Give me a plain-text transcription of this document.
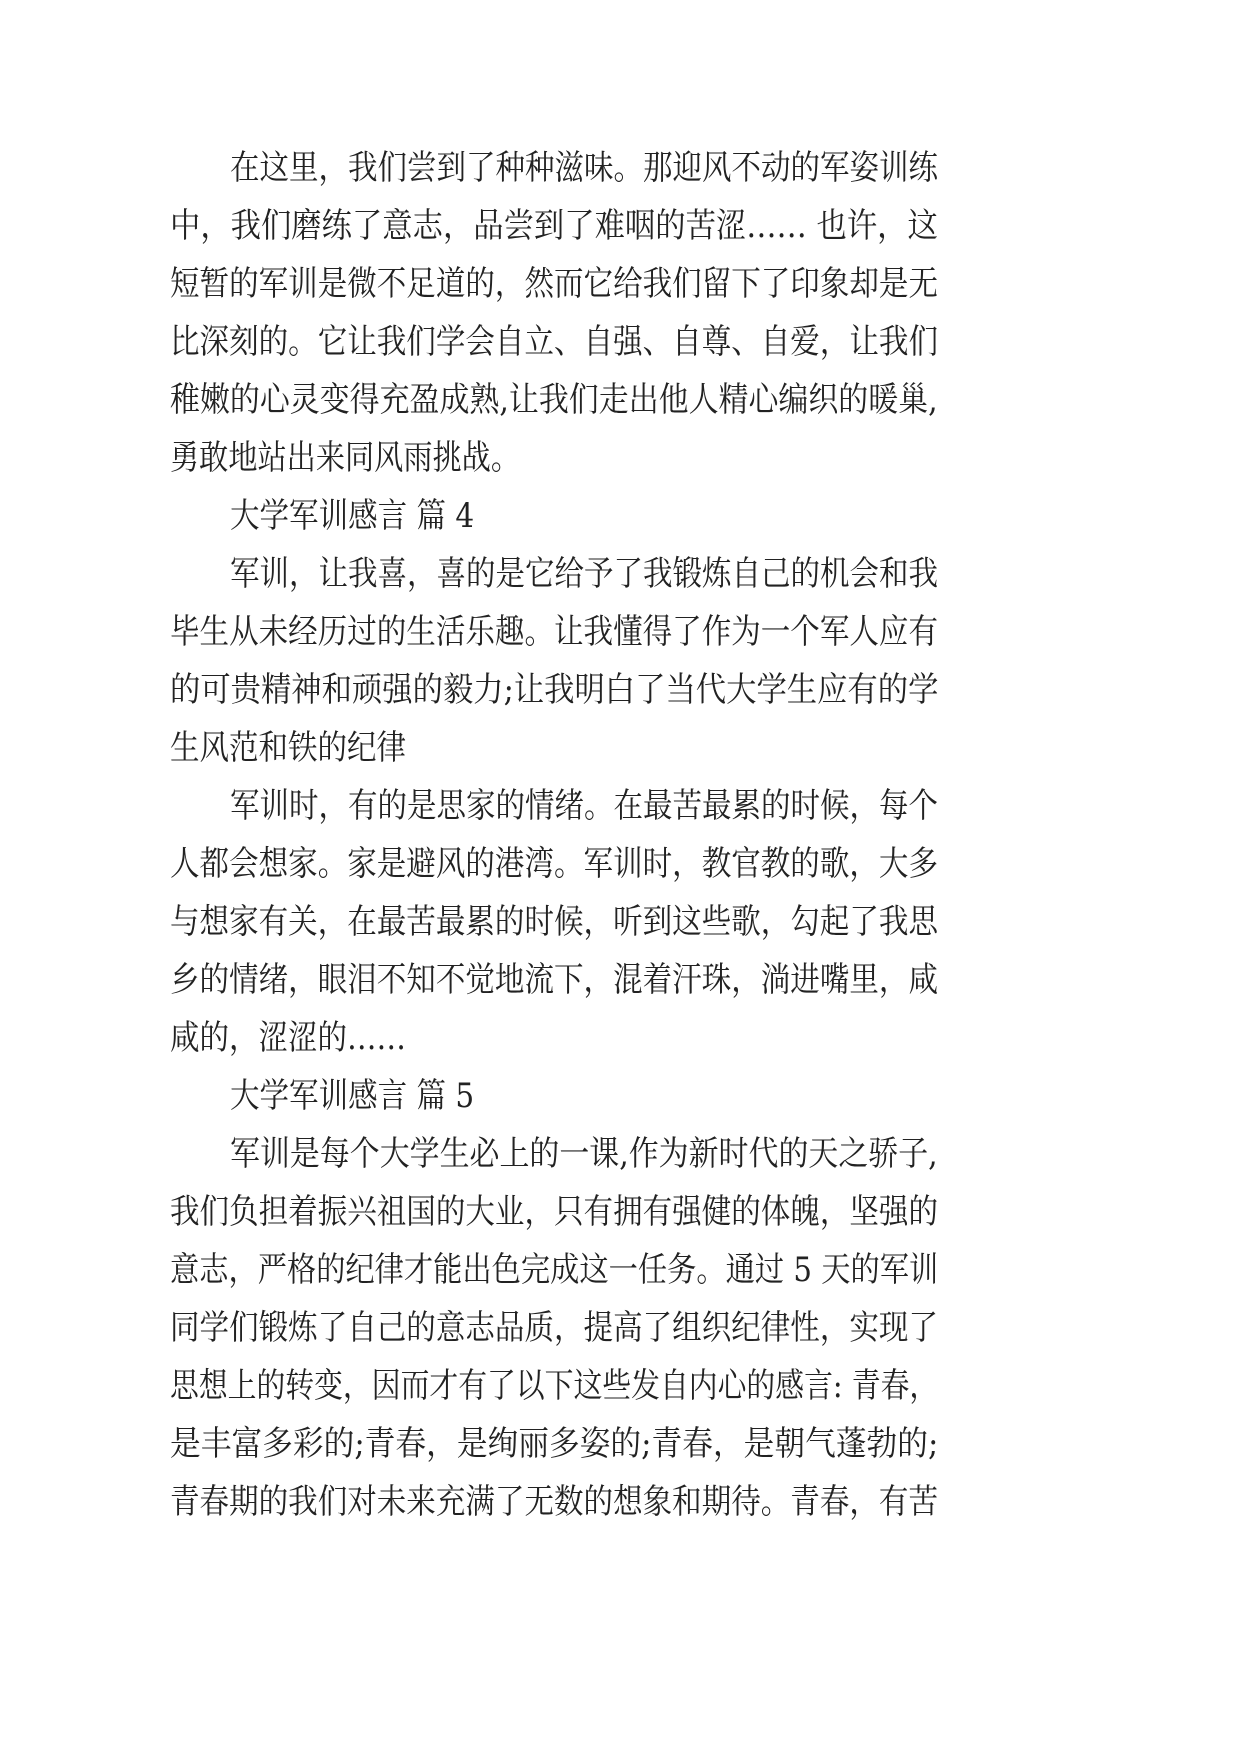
在这里，我们尝到了种种滋味。那迎风不动的军姿训练
中，我们磨练了意志，品尝到了难咽的苦涩…… 也许，这
短暂的军训是微不足道的，然而它给我们留下了印象却是无
比深刻的。它让我们学会自立、自强、自尊、自爱，让我们
稚嫩的心灵变得充盈成熟,让我们走出他人精心编织的暖巢,
勇敢地站出来同风雨挑战。
大学军训感言 篇 4
军训，让我喜，喜的是它给予了我锻炼自己的机会和我
毕生从未经历过的生活乐趣。让我懂得了作为一个军人应有
的可贵精神和顽强的毅力;让我明白了当代大学生应有的学
生风范和铁的纪律
军训时，有的是思家的情绪。在最苦最累的时候，每个
人都会想家。家是避风的港湾。军训时，教官教的歌，大多
与想家有关，在最苦最累的时候，听到这些歌，勾起了我思
乡的情绪，眼泪不知不觉地流下，混着汗珠，淌进嘴里，咸
咸的，涩涩的……
大学军训感言 篇 5
军训是每个大学生必上的一课,作为新时代的天之骄子,
我们负担着振兴祖国的大业，只有拥有强健的体魄，坚强的
意志，严格的纪律才能出色完成这一任务。通过 5 天的军训
同学们锻炼了自己的意志品质，提高了组织纪律性，实现了
思想上的转变，因而才有了以下这些发自内心的感言: 青春，
是丰富多彩的;青春，是绚丽多姿的;青春，是朝气蓬勃的;
青春期的我们对未来充满了无数的想象和期待。青春，有苦
